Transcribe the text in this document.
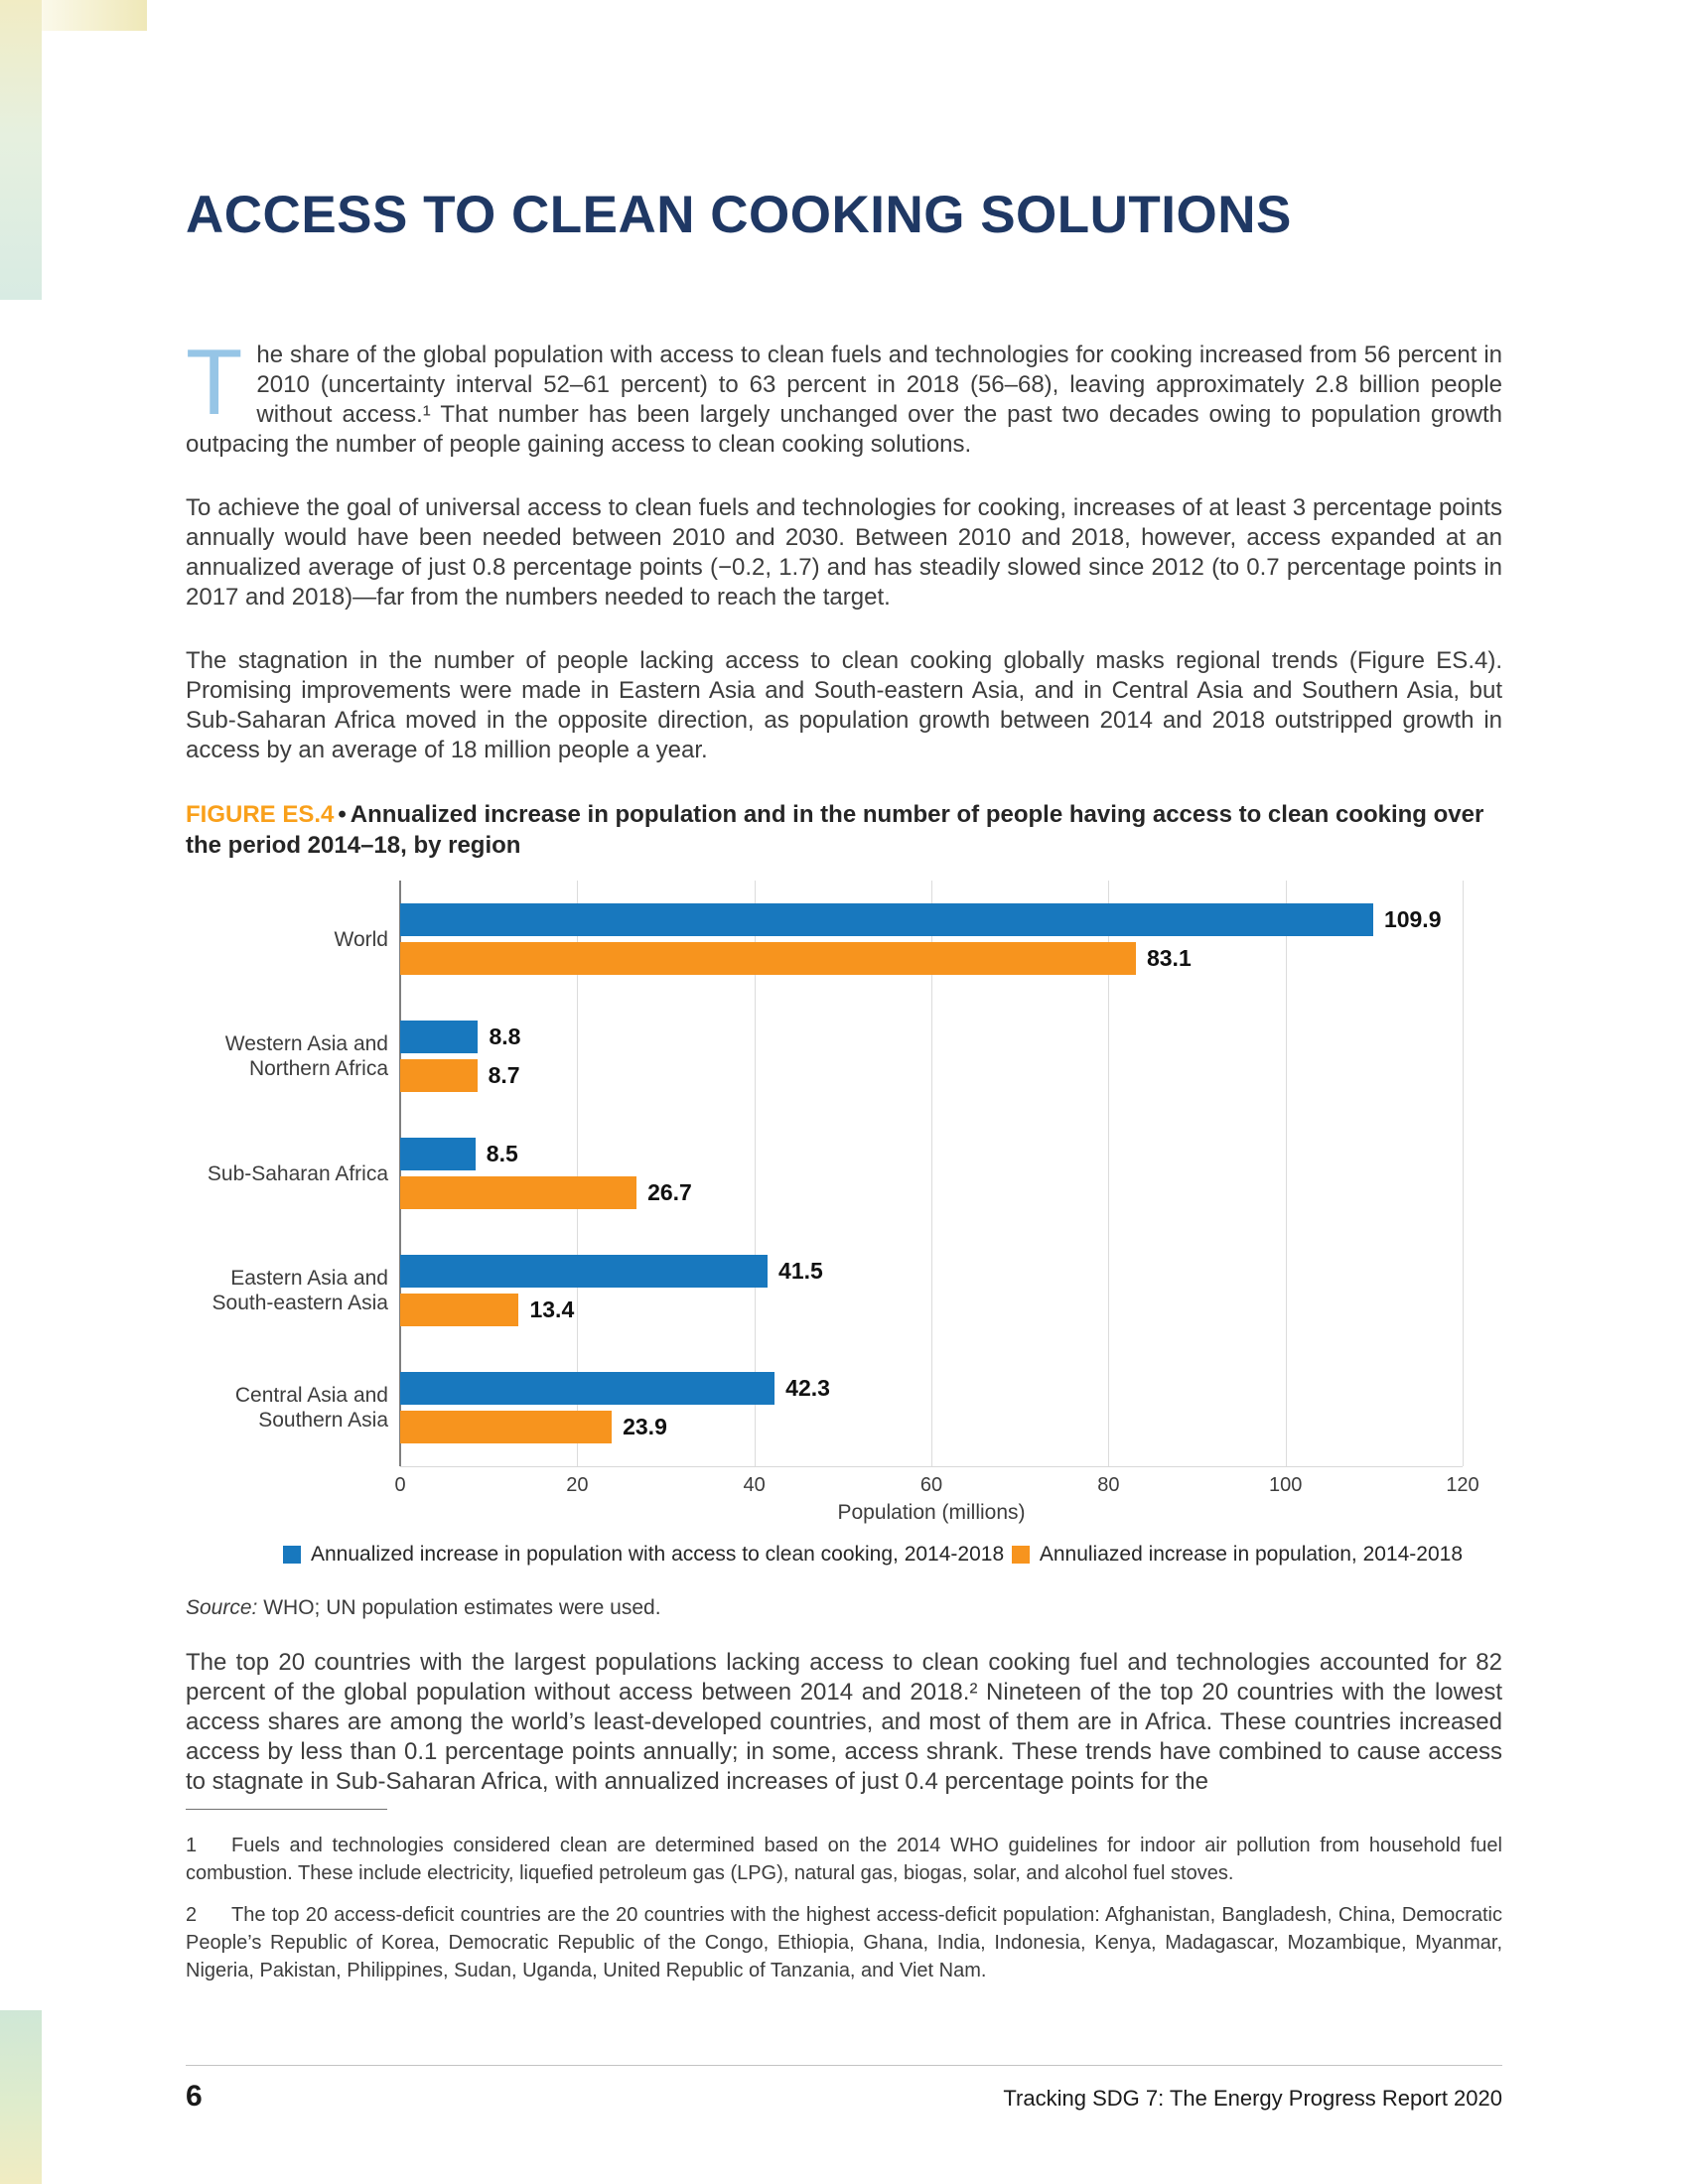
ACCESS TO CLEAN COOKING SOLUTIONS

The share of the global population with access to clean fuels and technologies for cooking increased from 56 percent in 2010 (uncertainty interval 52–61 percent) to 63 percent in 2018 (56–68), leaving approximately 2.8 billion people without access.¹ That number has been largely unchanged over the past two decades owing to population growth outpacing the number of people gaining access to clean cooking solutions.

To achieve the goal of universal access to clean fuels and technologies for cooking, increases of at least 3 percentage points annually would have been needed between 2010 and 2030. Between 2010 and 2018, however, access expanded at an annualized average of just 0.8 percentage points (−0.2, 1.7) and has steadily slowed since 2012 (to 0.7 percentage points in 2017 and 2018)—far from the numbers needed to reach the target.

The stagnation in the number of people lacking access to clean cooking globally masks regional trends (Figure ES.4). Promising improvements were made in Eastern Asia and South-eastern Asia, and in Central Asia and Southern Asia, but Sub-Saharan Africa moved in the opposite direction, as population growth between 2014 and 2018 outstripped growth in access by an average of 18 million people a year.

FIGURE ES.4 • Annualized increase in population and in the number of people having access to clean cooking over the period 2014–18, by region

World
Western Asia and Northern Africa
Sub-Saharan Africa
Eastern Asia and South-eastern Asia
Central Asia and Southern Asia
109.9
83.1
8.8
8.7
8.5
26.7
41.5
13.4
42.3
23.9
0	20	40	60	80	100	120
Population (millions)
Annualized increase in population with access to clean cooking, 2014-2018 Annuliazed increase in population, 2014-2018

Source: WHO; UN population estimates were used.

The top 20 countries with the largest populations lacking access to clean cooking fuel and technologies accounted for 82 percent of the global population without access between 2014 and 2018.² Nineteen of the top 20 countries with the lowest access shares are among the world’s least-developed countries, and most of them are in Africa. These countries increased access by less than 0.1 percentage points annually; in some, access shrank. These trends have combined to cause access to stagnate in Sub-Saharan Africa, with annualized increases of just 0.4 percentage points for the

1 Fuels and technologies considered clean are determined based on the 2014 WHO guidelines for indoor air pollution from household fuel combustion. These include electricity, liquefied petroleum gas (LPG), natural gas, biogas, solar, and alcohol fuel stoves.

2 The top 20 access-deficit countries are the 20 countries with the highest access-deficit population: Afghanistan, Bangladesh, China, Democratic People’s Republic of Korea, Democratic Republic of the Congo, Ethiopia, Ghana, India, Indonesia, Kenya, Madagascar, Mozambique, Myanmar, Nigeria, Pakistan, Philippines, Sudan, Uganda, United Republic of Tanzania, and Viet Nam.

6	Tracking SDG 7: The Energy Progress Report 2020
